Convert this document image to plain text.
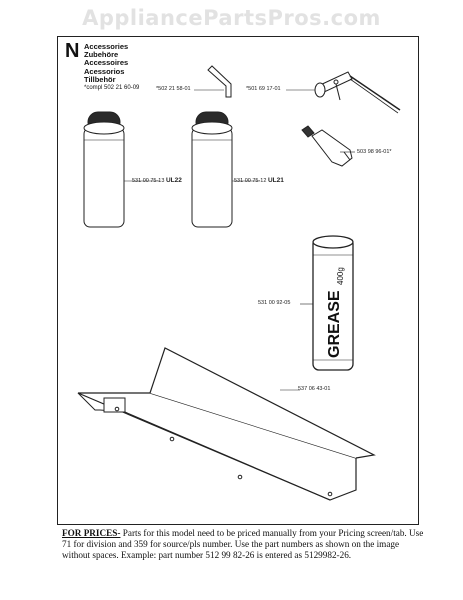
AppliancePartsPros.com
N Accessories
Zubehöre
Accessoires
Acessorios
Tillbehör
*compl 502 21 60-09
GREASE
400g
*502 21 58-01	*501 69 17-01
503 98 96-01*
531 00 75-13 UL22	531 00 75-12 UL21
531 00 92-05
537 06 43-01
FOR PRICES- Parts for this model need to be priced manually from your Pricing screen/tab. Use 71 for division and 359 for source/pls number. Use the part numbers as shown on the image without spaces. Example: part number 512 99 82-26 is entered as 5129982-26.
